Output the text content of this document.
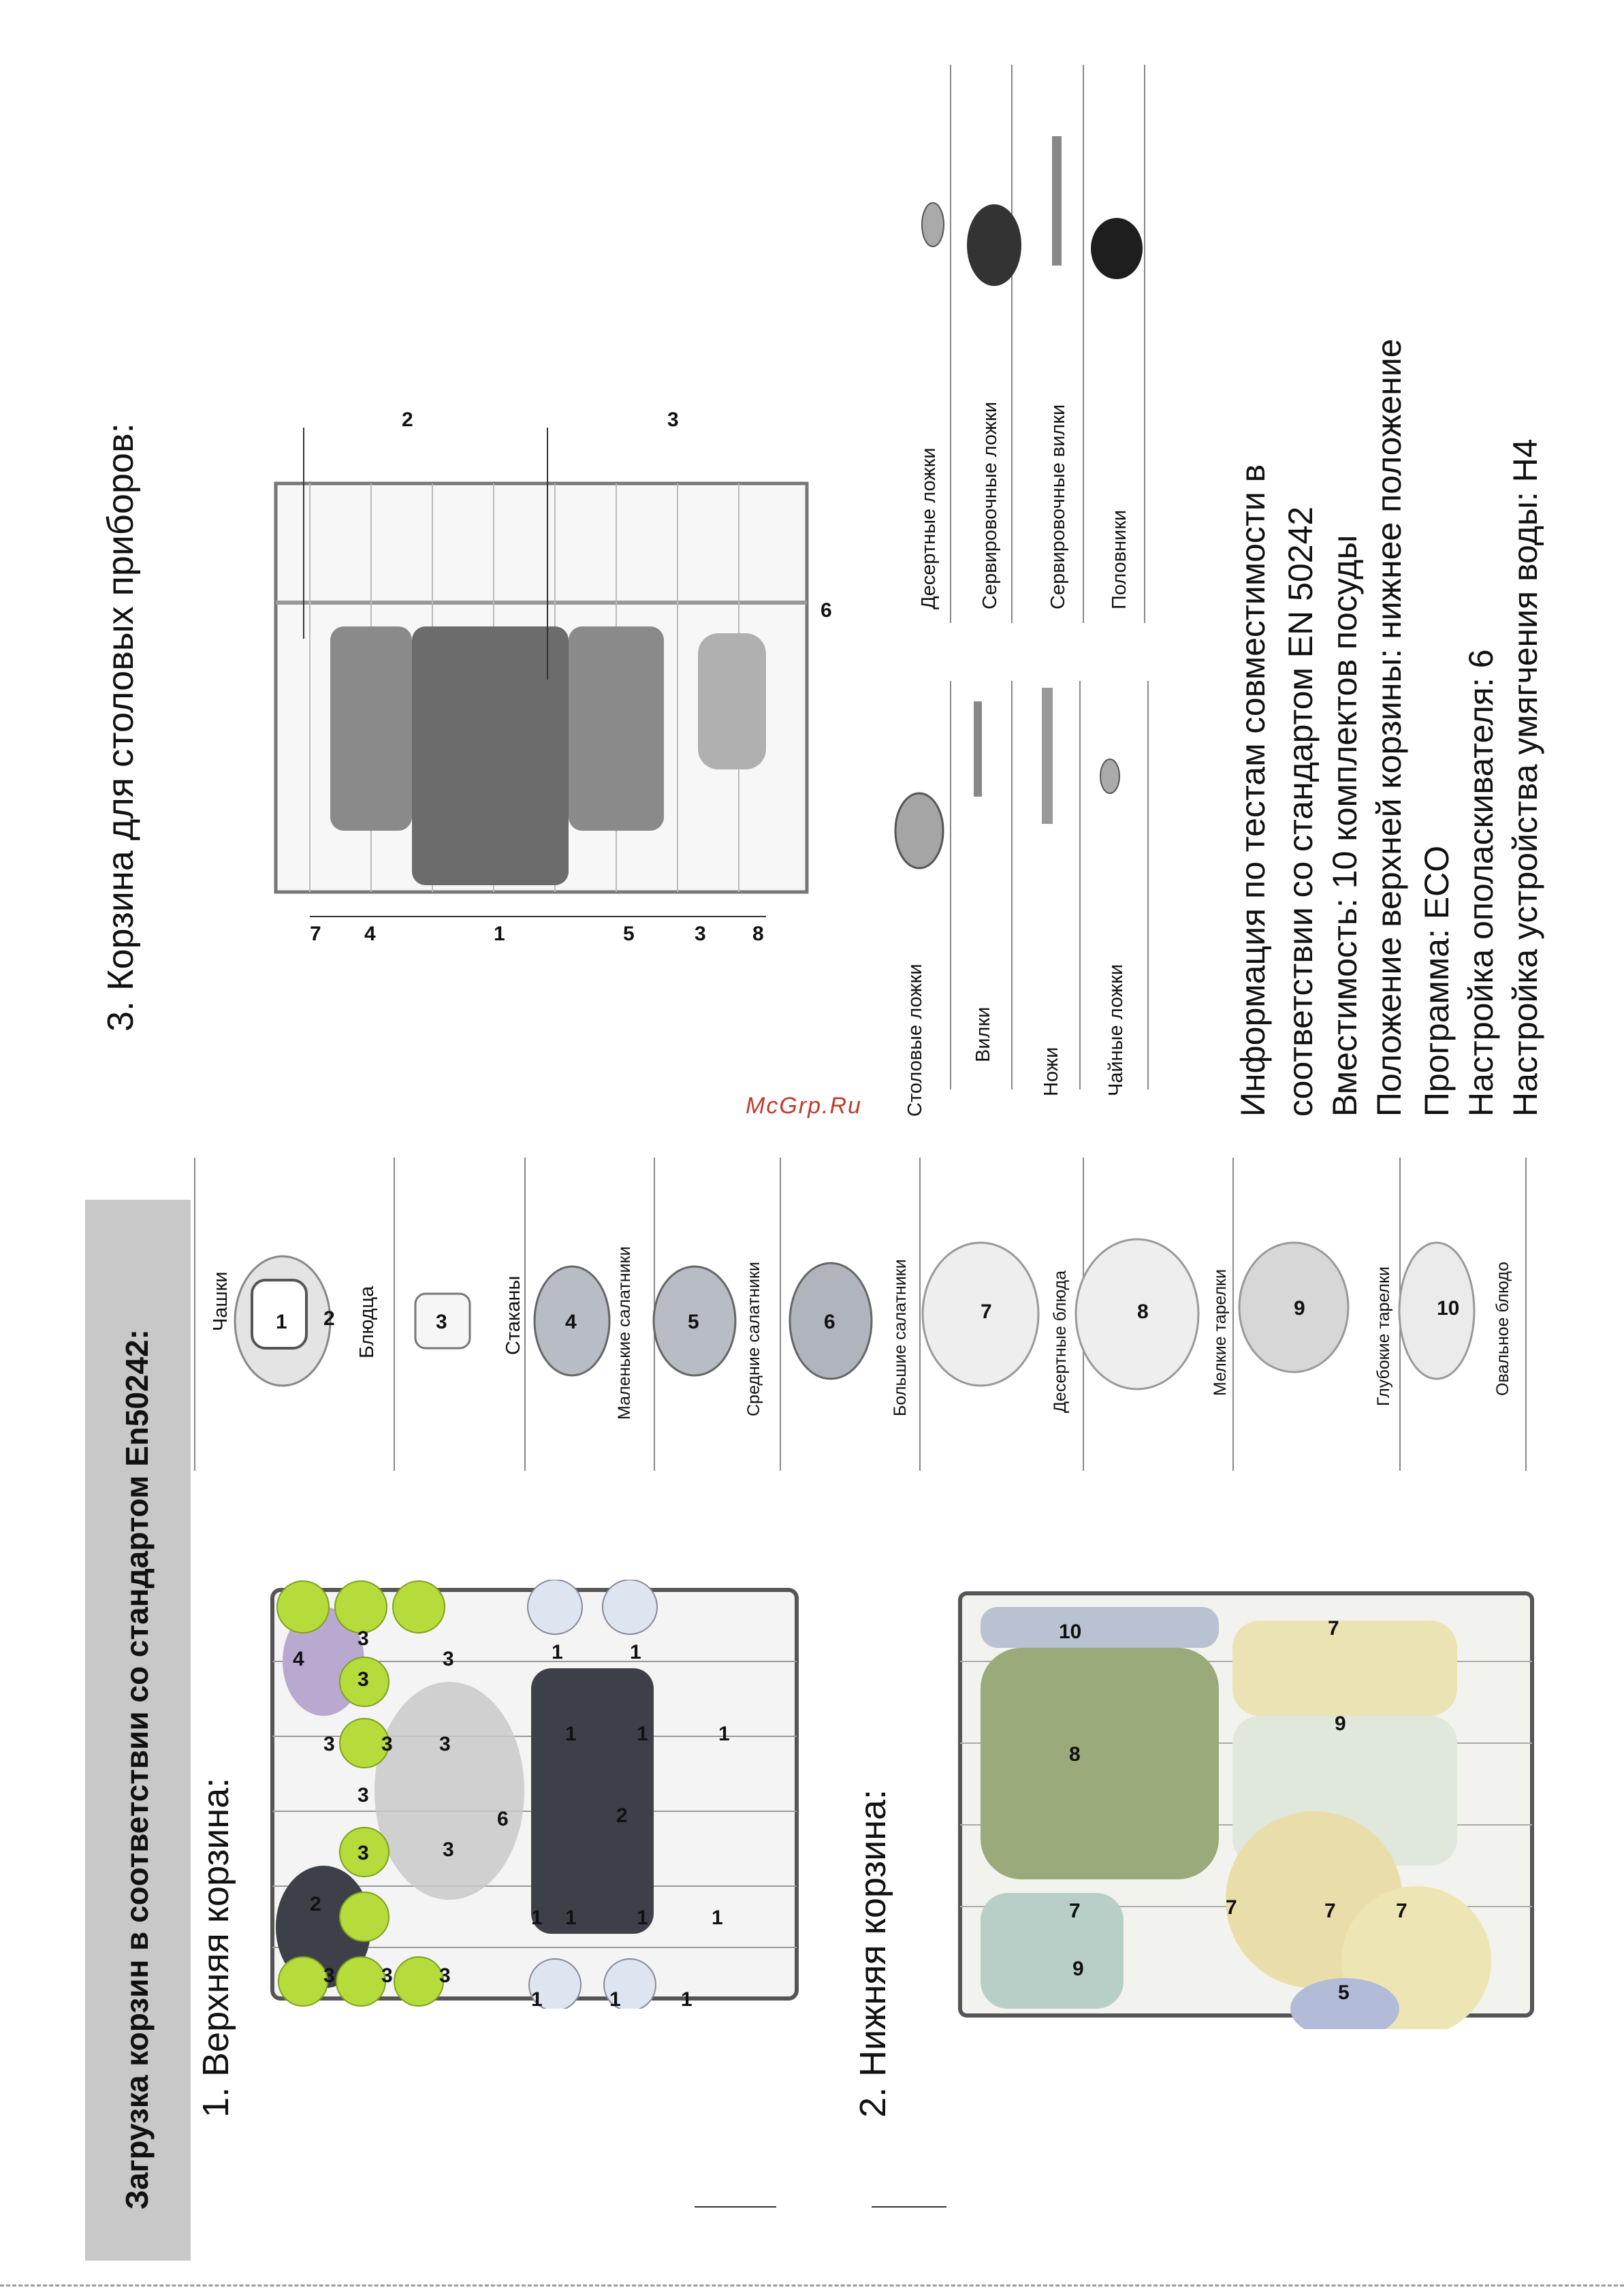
Загрузка корзин в соответствии со стандартом En50242: 1. Верхняя корзина:	2. Нижняя корзина:
3. Корзина для столовых приборов:
3 3 3
4
3
3
3
6	2
3
3
3
2
3 3 3
1	1
1	1	1
1 1	1	1
1	1	1
10	7
8
9
7	7	7	7
9
5
1 2	3	4	5	6	7	8	9	10
Чашки	Блюдца	Стаканы	Маленькие салатники	Средние салатники	Большие салатники	Десертные блюда	Мелкие тарелки	Глубокие тарелки	Овальное блюдо
McGrp.Ru
2	3
6
7 4	1	5	3 8
Столовые ложки Вилки
Ножи Чайные ложки
Десертные ложки Сервировочные ложки Сервировочные вилки Половники	Информация по тестам совместимости в соответствии со стандартом EN 50242 Вместимость: 10 комплектов посуды Положение верхней корзины: нижнее положение Программа: ECO Настройка ополаскивателя: 6 Настройка устройства умягчения воды: H4
